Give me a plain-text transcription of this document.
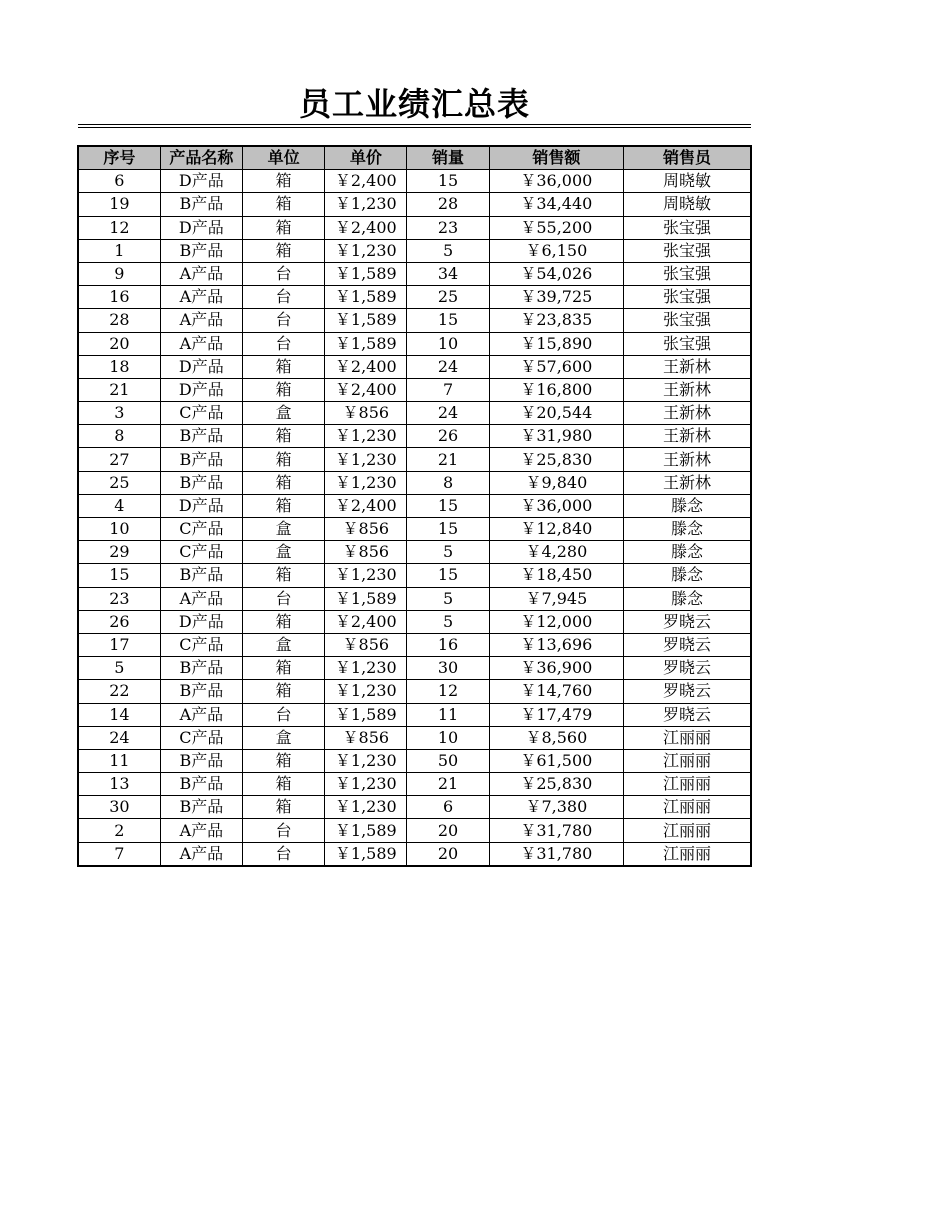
员工业绩汇总表
序号	产品名称	单位	单价	销量	销售额	销售员
6	D产品	箱	￥2,400	15	￥36,000	周晓敏
19	B产品	箱	￥1,230	28	￥34,440	周晓敏
12	D产品	箱	￥2,400	23	￥55,200	张宝强
1	B产品	箱	￥1,230	5	￥6,150	张宝强
9	A产品	台	￥1,589	34	￥54,026	张宝强
16	A产品	台	￥1,589	25	￥39,725	张宝强
28	A产品	台	￥1,589	15	￥23,835	张宝强
20	A产品	台	￥1,589	10	￥15,890	张宝强
18	D产品	箱	￥2,400	24	￥57,600	王新林
21	D产品	箱	￥2,400	7	￥16,800	王新林
3	C产品	盒	￥856	24	￥20,544	王新林
8	B产品	箱	￥1,230	26	￥31,980	王新林
27	B产品	箱	￥1,230	21	￥25,830	王新林
25	B产品	箱	￥1,230	8	￥9,840	王新林
4	D产品	箱	￥2,400	15	￥36,000	滕念
10	C产品	盒	￥856	15	￥12,840	滕念
29	C产品	盒	￥856	5	￥4,280	滕念
15	B产品	箱	￥1,230	15	￥18,450	滕念
23	A产品	台	￥1,589	5	￥7,945	滕念
26	D产品	箱	￥2,400	5	￥12,000	罗晓云
17	C产品	盒	￥856	16	￥13,696	罗晓云
5	B产品	箱	￥1,230	30	￥36,900	罗晓云
22	B产品	箱	￥1,230	12	￥14,760	罗晓云
14	A产品	台	￥1,589	11	￥17,479	罗晓云
24	C产品	盒	￥856	10	￥8,560	江丽丽
11	B产品	箱	￥1,230	50	￥61,500	江丽丽
13	B产品	箱	￥1,230	21	￥25,830	江丽丽
30	B产品	箱	￥1,230	6	￥7,380	江丽丽
2	A产品	台	￥1,589	20	￥31,780	江丽丽
7	A产品	台	￥1,589	20	￥31,780	江丽丽
